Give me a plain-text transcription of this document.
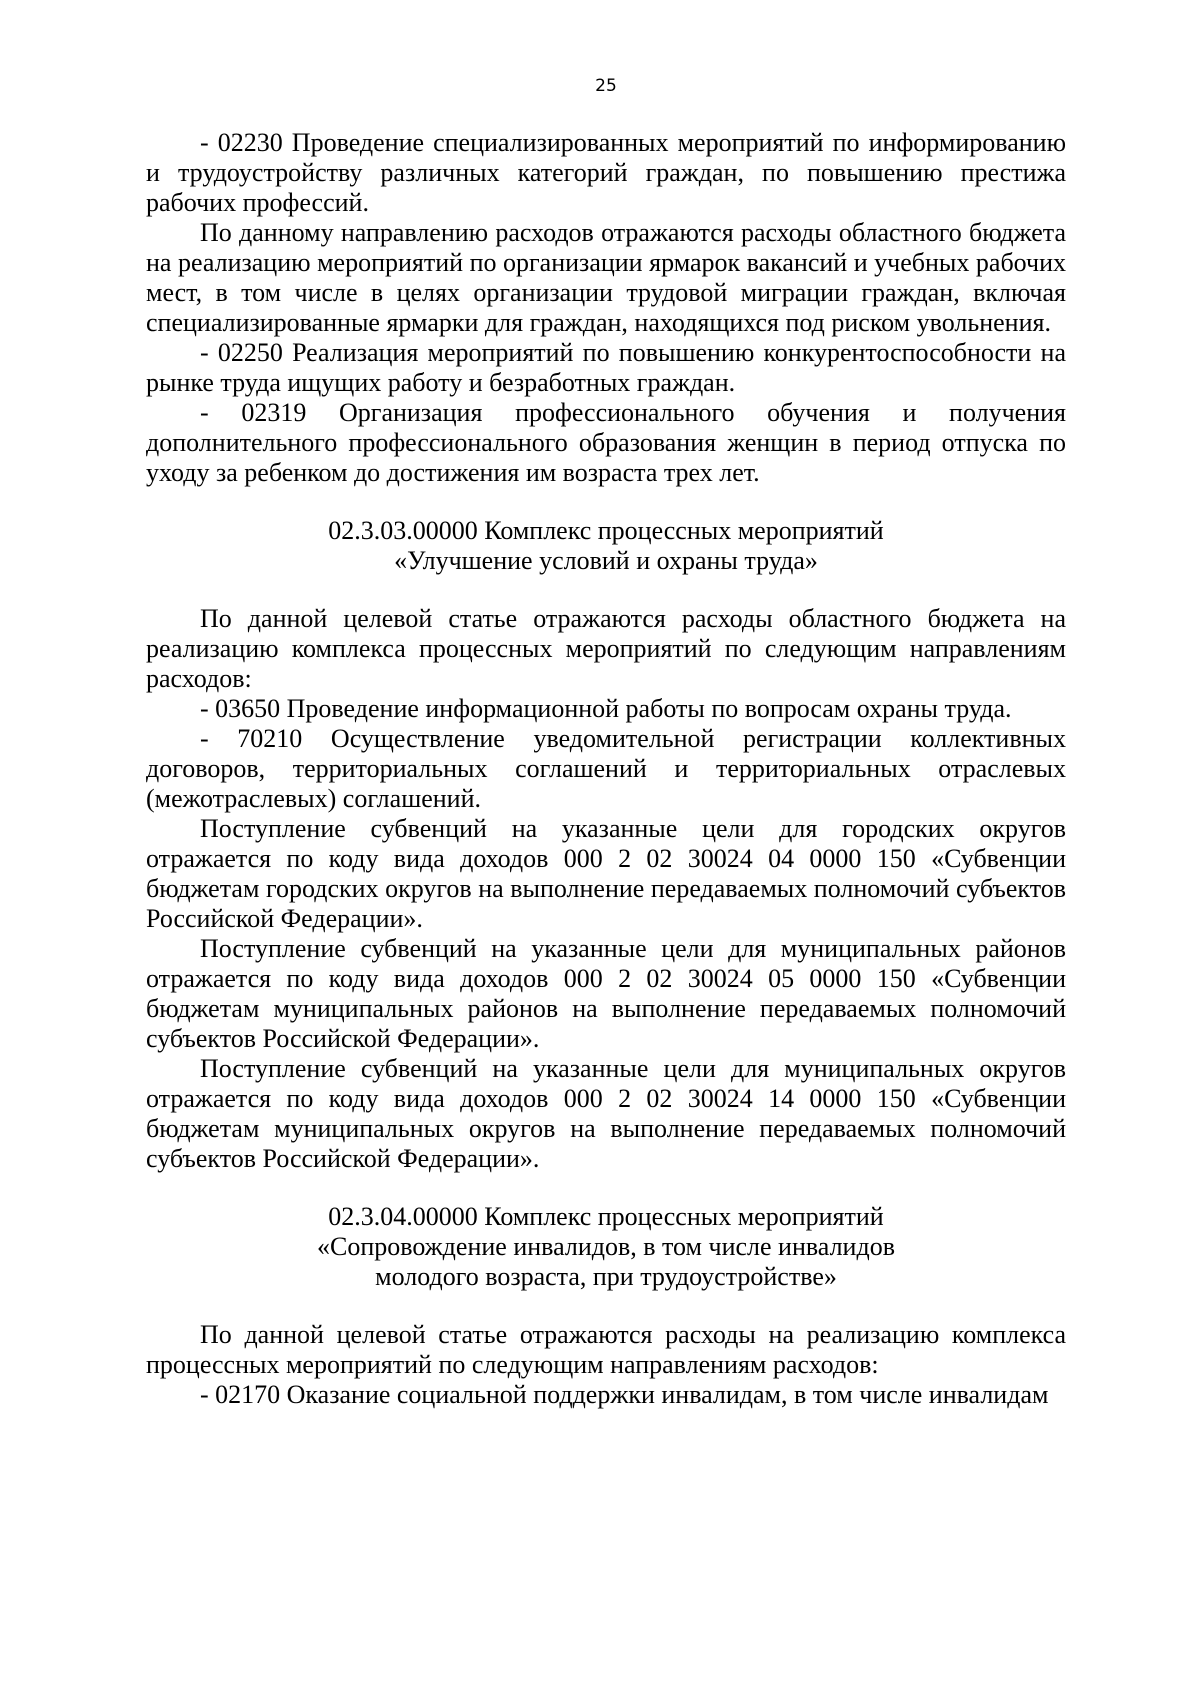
25

- 02230 Проведение специализированных мероприятий по информированию и трудоустройству различных категорий граждан, по повышению престижа рабочих профессий.

По данному направлению расходов отражаются расходы областного бюджета на реализацию мероприятий по организации ярмарок вакансий и учебных рабочих мест, в том числе в целях организации трудовой миграции граждан, включая специализированные ярмарки для граждан, находящихся под риском увольнения.

- 02250 Реализация мероприятий по повышению конкурентоспособности на рынке труда ищущих работу и безработных граждан.

- 02319 Организация профессионального обучения и получения дополнительного профессионального образования женщин в период отпуска по уходу за ребенком до достижения им возраста трех лет.

02.3.03.00000 Комплекс процессных мероприятий

«Улучшение условий и охраны труда»

По данной целевой статье отражаются расходы областного бюджета на реализацию комплекса процессных мероприятий по следующим направлениям расходов:

- 03650 Проведение информационной работы по вопросам охраны труда.

- 70210 Осуществление уведомительной регистрации коллективных договоров, территориальных соглашений и территориальных отраслевых (межотраслевых) соглашений.

Поступление субвенций на указанные цели для городских округов отражается по коду вида доходов 000 2 02 30024 04 0000 150 «Субвенции бюджетам городских округов на выполнение передаваемых полномочий субъектов Российской Федерации».

Поступление субвенций на указанные цели для муниципальных районов отражается по коду вида доходов 000 2 02 30024 05 0000 150 «Субвенции бюджетам муниципальных районов на выполнение передаваемых полномочий субъектов Российской Федерации».

Поступление субвенций на указанные цели для муниципальных округов отражается по коду вида доходов 000 2 02 30024 14 0000 150 «Субвенции бюджетам муниципальных округов на выполнение передаваемых полномочий субъектов Российской Федерации».

02.3.04.00000 Комплекс процессных мероприятий

«Сопровождение инвалидов, в том числе инвалидов

молодого возраста, при трудоустройстве»

По данной целевой статье отражаются расходы на реализацию комплекса процессных мероприятий по следующим направлениям расходов:

- 02170 Оказание социальной поддержки инвалидам, в том числе инвалидам
